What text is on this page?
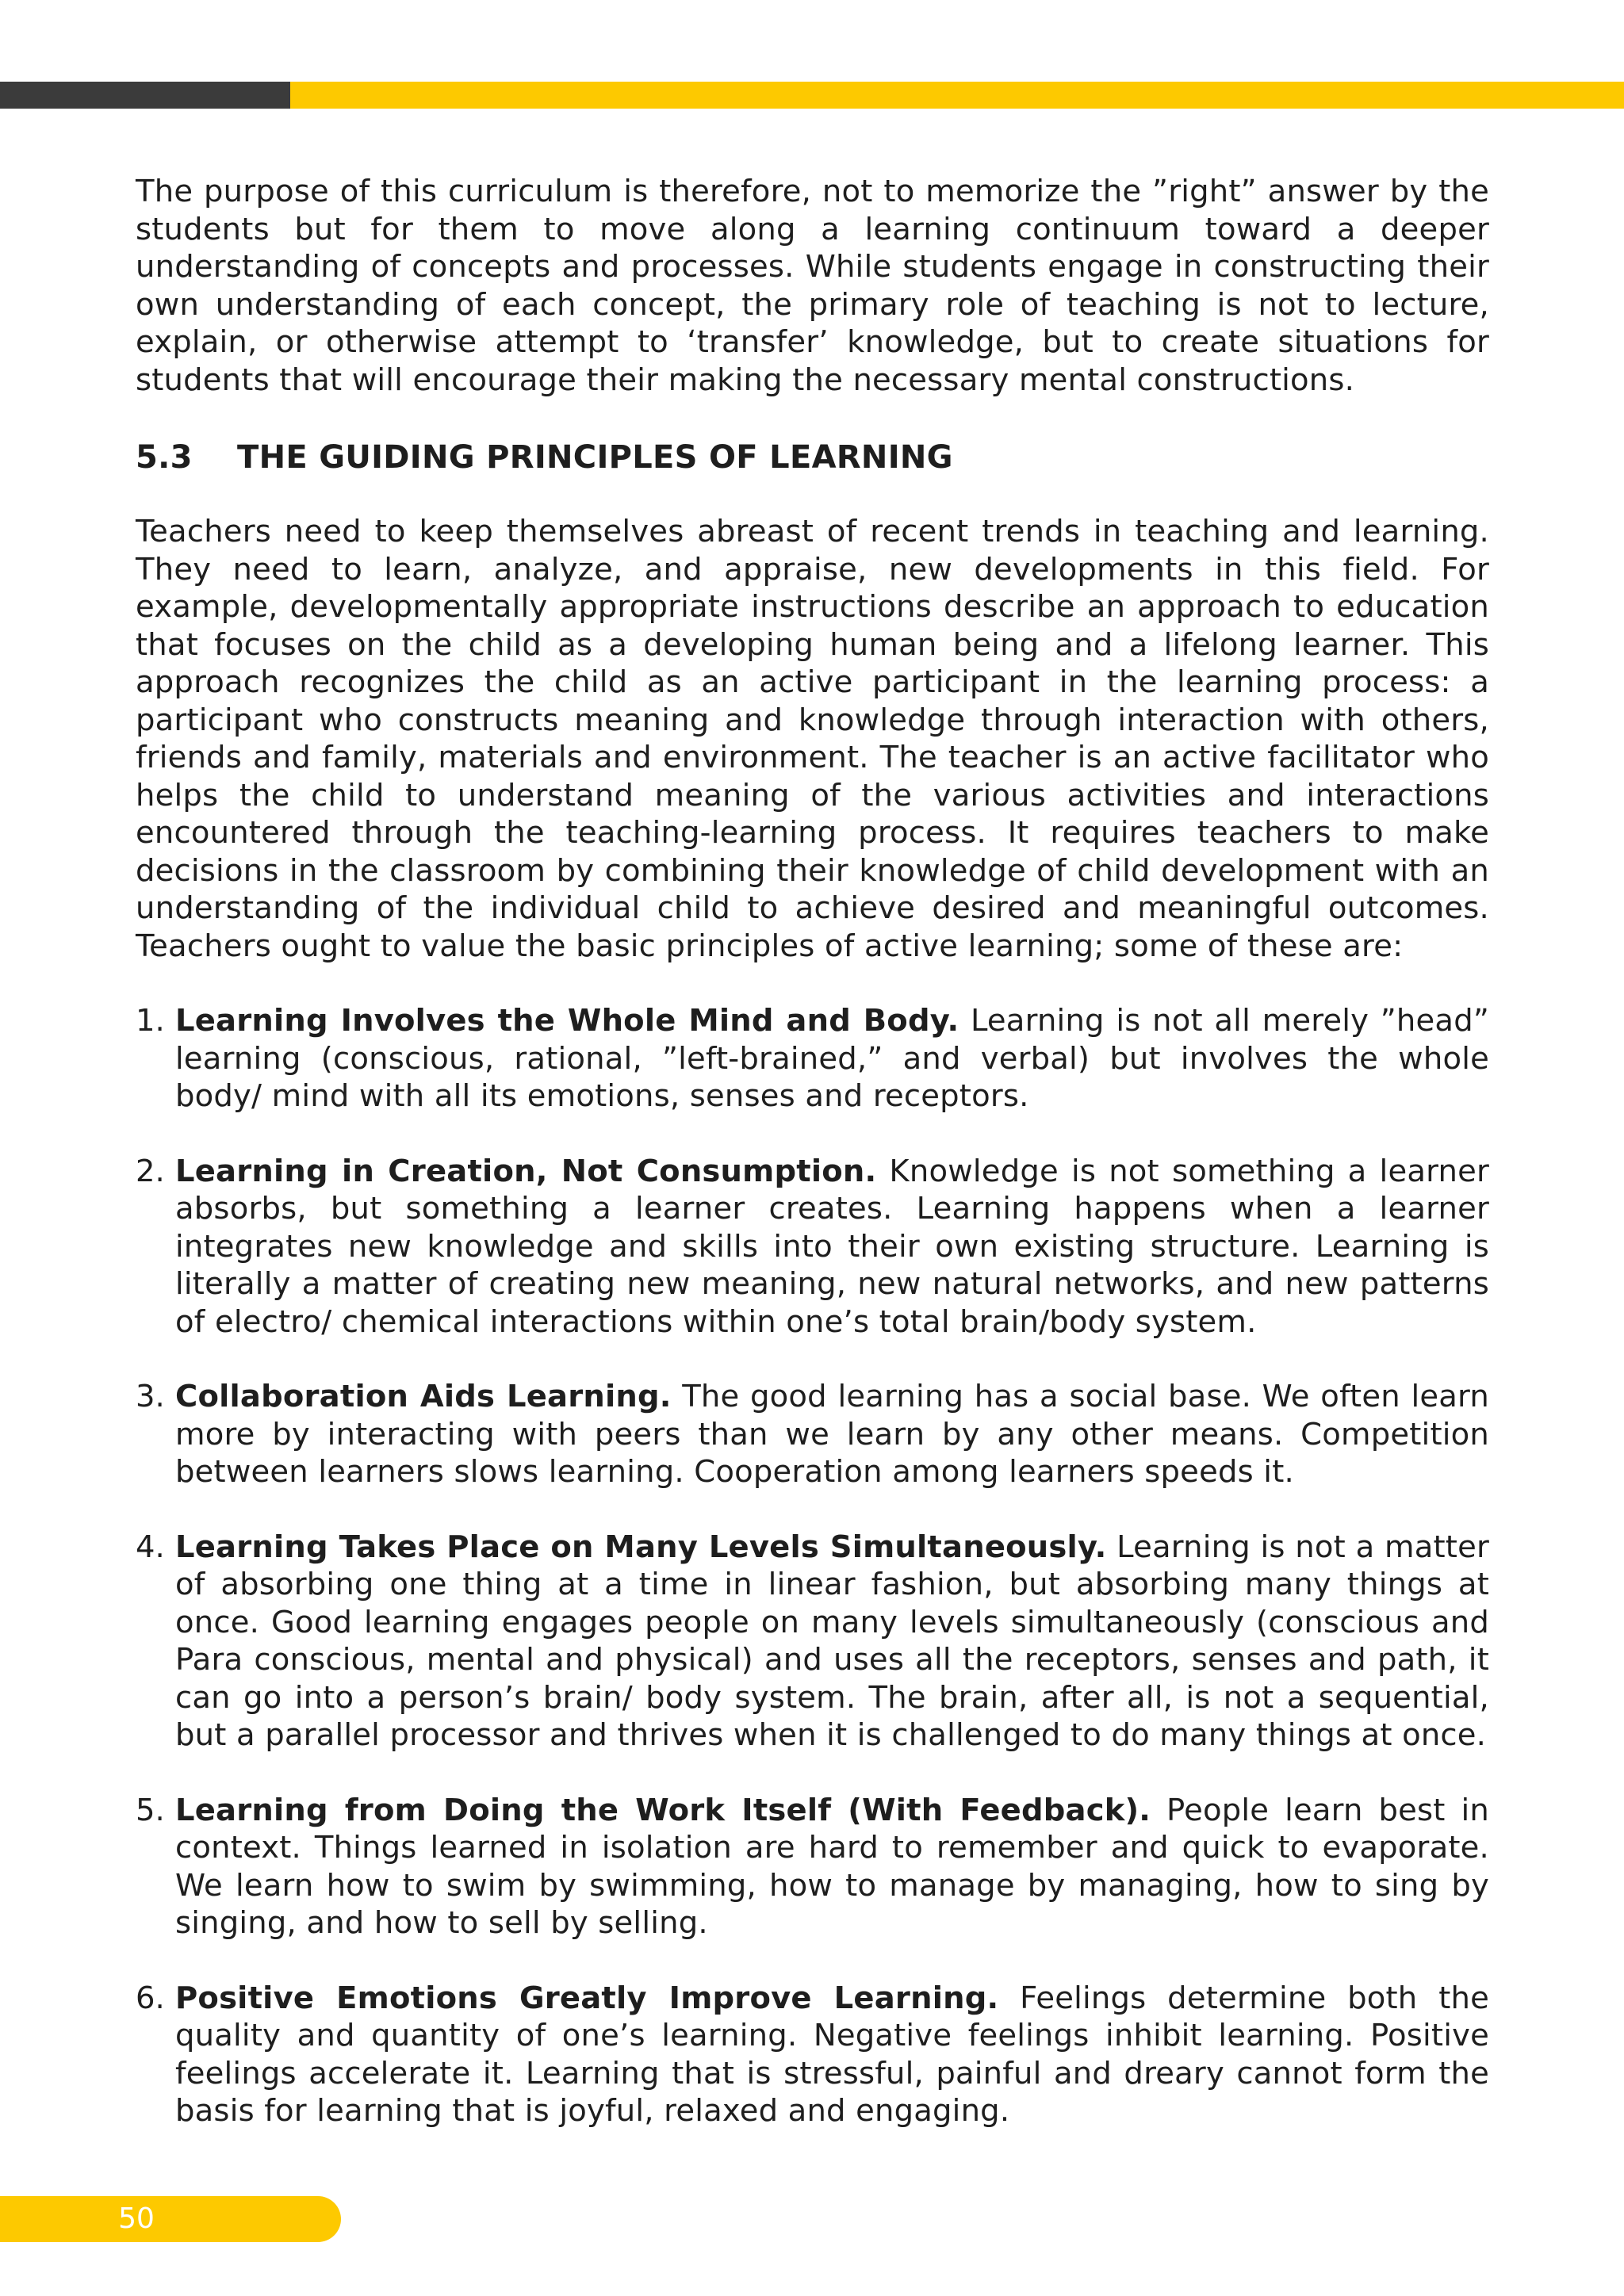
The purpose of this curriculum is therefore, not to memorize the ”right” answer by the students but for them to move along a learning continuum toward a deeper understanding of concepts and processes. While students engage in constructing their own understanding of each concept, the primary role of teaching is not to lecture, explain, or otherwise attempt to ‘transfer’ knowledge, but to create situations for students that will encourage their making the necessary mental constructions.

5.3	THE GUIDING PRINCIPLES OF LEARNING

Teachers need to keep themselves abreast of recent trends in teaching and learning. They need to learn, analyze, and appraise, new developments in this field. For example, developmentally appropriate instructions describe an approach to education that focuses on the child as a developing human being and a lifelong learner. This approach recognizes the child as an active participant in the learning process: a participant who constructs meaning and knowledge through interaction with others, friends and family, materials and environment. The teacher is an active facilitator who helps the child to understand meaning of the various activities and interactions encountered through the teaching-learning process. It requires teachers to make decisions in the classroom by combining their knowledge of child development with an understanding of the individual child to achieve desired and meaningful outcomes. Teachers ought to value the basic principles of active learning; some of these are:

1. Learning Involves the Whole Mind and Body. Learning is not all merely ”head” learning (conscious, rational, ”left-brained,” and verbal) but involves the whole body/ mind with all its emotions, senses and receptors.
2. Learning in Creation, Not Consumption. Knowledge is not something a learner absorbs, but something a learner creates. Learning happens when a learner integrates new knowledge and skills into their own existing structure. Learning is literally a matter of creating new meaning, new natural networks, and new patterns of electro/ chemical interactions within one’s total brain/body system.
3. Collaboration Aids Learning. The good learning has a social base. We often learn more by interacting with peers than we learn by any other means. Competition between learners slows learning. Cooperation among learners speeds it.
4. Learning Takes Place on Many Levels Simultaneously. Learning is not a matter of absorbing one thing at a time in linear fashion, but absorbing many things at once. Good learning engages people on many levels simultaneously (conscious and Para conscious, mental and physical) and uses all the receptors, senses and path, it can go into a person’s brain/ body system. The brain, after all, is not a sequential, but a parallel processor and thrives when it is challenged to do many things at once.
5. Learning from Doing the Work Itself (With Feedback). People learn best in context. Things learned in isolation are hard to remember and quick to evaporate. We learn how to swim by swimming, how to manage by managing, how to sing by singing, and how to sell by selling.
6. Positive Emotions Greatly Improve Learning. Feelings determine both the quality and quantity of one’s learning. Negative feelings inhibit learning. Positive feelings accelerate it. Learning that is stressful, painful and dreary cannot form the basis for learning that is joyful, relaxed and engaging.
50
